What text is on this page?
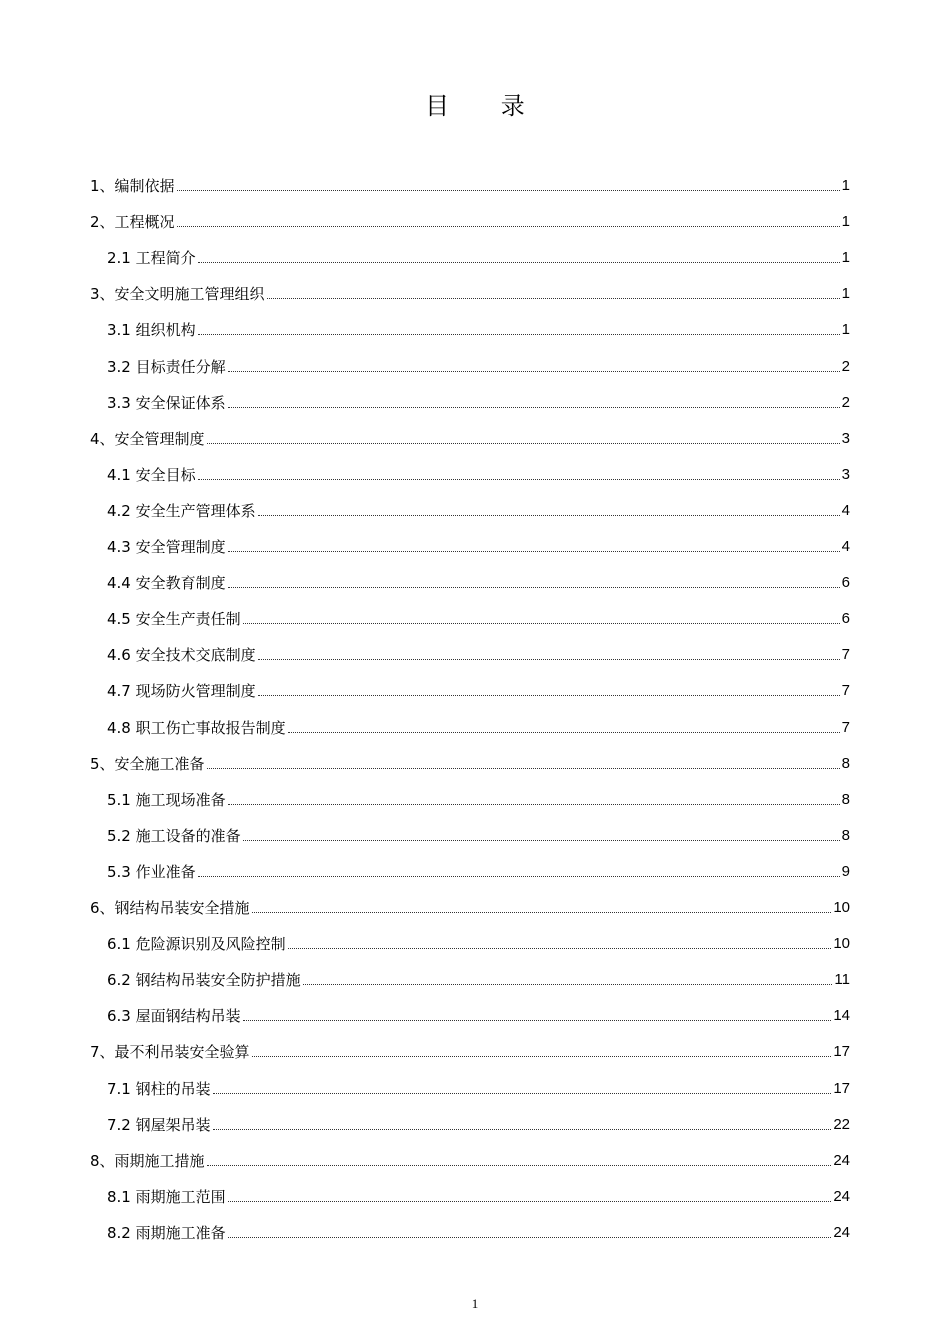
目 录
1、编制依据	1
2、工程概况	1
2.1 工程简介	1
3、安全文明施工管理组织	1
3.1 组织机构	1
3.2 目标责任分解	2
3.3 安全保证体系	2
4、安全管理制度	3
4.1 安全目标	3
4.2 安全生产管理体系	4
4.3 安全管理制度	4
4.4 安全教育制度	6
4.5 安全生产责任制	6
4.6 安全技术交底制度	7
4.7 现场防火管理制度	7
4.8 职工伤亡事故报告制度	7
5、安全施工准备	8
5.1 施工现场准备	8
5.2 施工设备的准备	8
5.3 作业准备	9
6、钢结构吊装安全措施	10
6.1 危险源识别及风险控制	10
6.2 钢结构吊装安全防护措施	11
6.3 屋面钢结构吊装	14
7、最不利吊装安全验算	17
7.1 钢柱的吊装	17
7.2 钢屋架吊装	22
8、雨期施工措施	24
8.1 雨期施工范围	24
8.2 雨期施工准备	24
1
